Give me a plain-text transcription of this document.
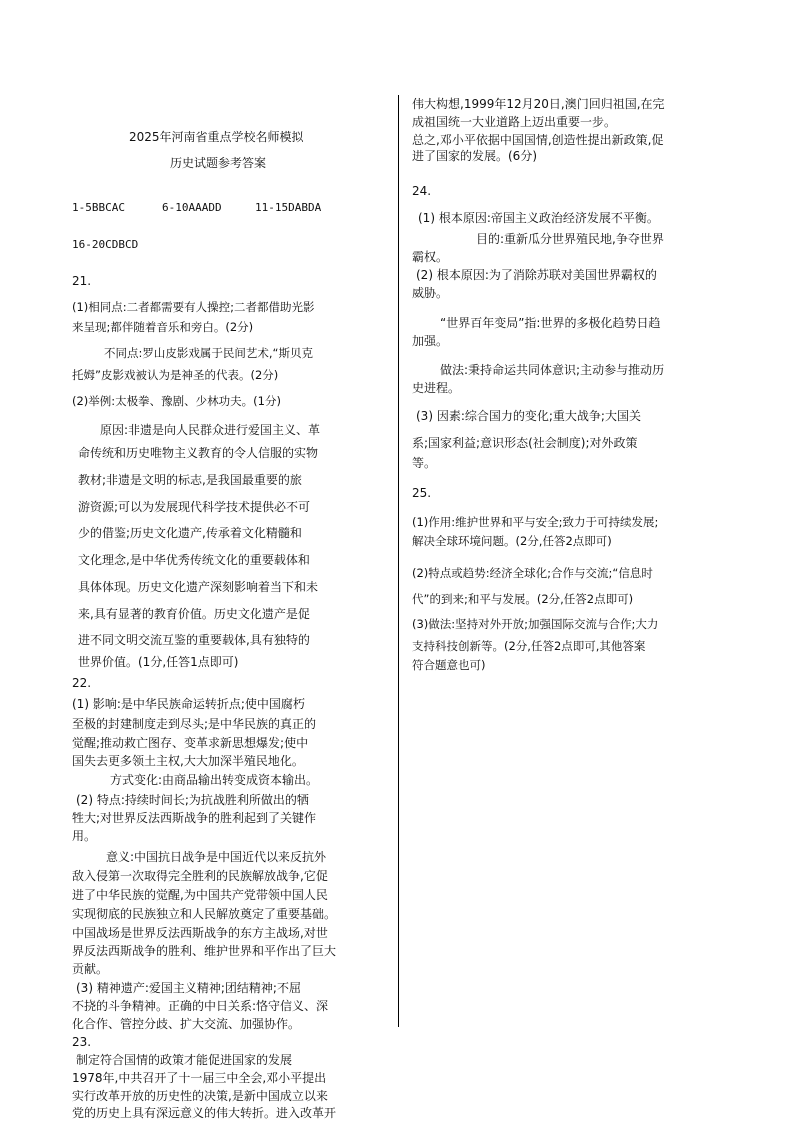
2025年河南省重点学校名师模拟
历史试题参考答案
1-5BBCAC	6-10AAADD	11-15DABDA
16-20CDBCD
21.
(1)相同点:二者都需要有人操控;二者都借助光影
来呈现;都伴随着音乐和旁白。(2分)
不同点:罗山皮影戏属于民间艺术,“斯贝克
托姆”皮影戏被认为是神圣的代表。(2分)
(2)举例:太极拳、豫剧、少林功夫。(1分)
原因:非遗是向人民群众进行爱国主义、革
命传统和历史唯物主义教育的令人信服的实物
教材;非遗是文明的标志,是我国最重要的旅
游资源;可以为发展现代科学技术提供必不可
少的借鉴;历史文化遗产,传承着文化精髓和
文化理念,是中华优秀传统文化的重要载体和
具体体现。历史文化遗产深刻影响着当下和未
来,具有显著的教育价值。历史文化遗产是促
进不同文明交流互鉴的重要载体,具有独特的
世界价值。(1分,任答1点即可)
22.
(1) 影响:是中华民族命运转折点;使中国腐朽
至极的封建制度走到尽头;是中华民族的真正的
觉醒;推动救亡图存、变革求新思想爆发;使中
国失去更多领土主权,大大加深半殖民地化。
方式变化:由商品输出转变成资本输出。
(2) 特点:持续时间长;为抗战胜利所做出的牺
牲大;对世界反法西斯战争的胜利起到了关键作
用。
意义:中国抗日战争是中国近代以来反抗外
敌入侵第一次取得完全胜利的民族解放战争,它促
进了中华民族的觉醒,为中国共产党带领中国人民
实现彻底的民族独立和人民解放奠定了重要基础。
中国战场是世界反法西斯战争的东方主战场,对世
界反法西斯战争的胜利、维护世界和平作出了巨大
贡献。
(3) 精神遗产:爱国主义精神;团结精神;不屈
不挠的斗争精神。正确的中日关系:恪守信义、深
化合作、管控分歧、扩大交流、加强协作。
23.
制定符合国情的政策才能促进国家的发展
1978年,中共召开了十一届三中全会,邓小平提出
实行改革开放的历史性的决策,是新中国成立以来
党的历史上具有深远意义的伟大转折。进入改革开
伟大构想,1999年12月20日,澳门回归祖国,在完
成祖国统一大业道路上迈出重要一步。
总之,邓小平依据中国国情,创造性提出新政策,促
进了国家的发展。(6分)
24.
(1) 根本原因:帝国主义政治经济发展不平衡。
目的:重新瓜分世界殖民地,争夺世界
霸权。
(2) 根本原因:为了消除苏联对美国世界霸权的
威胁。
“世界百年变局”指:世界的多极化趋势日趋
加强。
做法:秉持命运共同体意识;主动参与推动历
史进程。
(3) 因素:综合国力的变化;重大战争;大国关
系;国家利益;意识形态(社会制度);对外政策
等。
25.
(1)作用:维护世界和平与安全;致力于可持续发展;
解决全球环境问题。(2分,任答2点即可)
(2)特点或趋势:经济全球化;合作与交流;“信息时
代”的到来;和平与发展。(2分,任答2点即可)
(3)做法:坚持对外开放;加强国际交流与合作;大力
支持科技创新等。(2分,任答2点即可,其他答案
符合题意也可)
